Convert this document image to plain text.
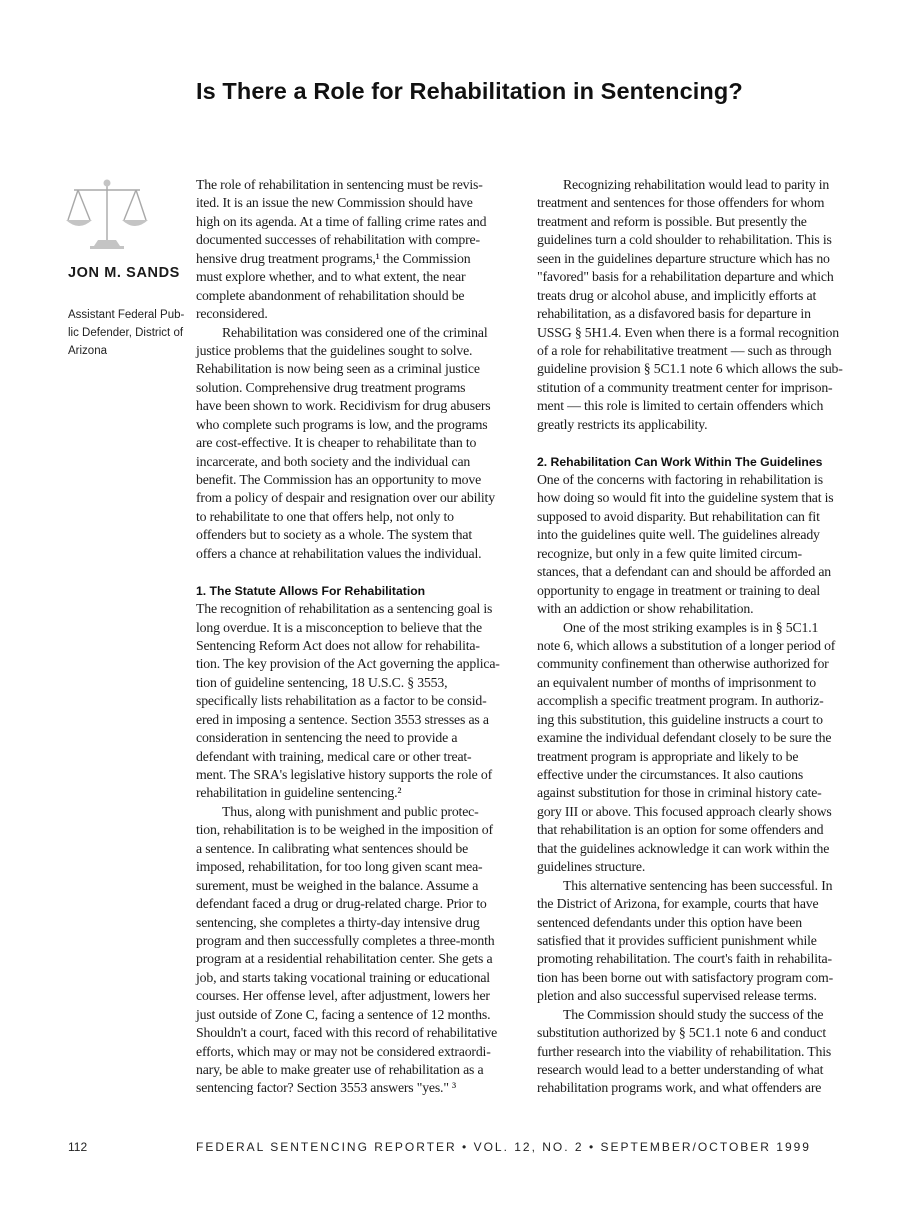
Is There a Role for Rehabilitation in Sentencing?
JON M. SANDS
Assistant Federal Pub-
lic Defender, District of
Arizona
The role of rehabilitation in sentencing must be revis-
ited. It is an issue the new Commission should have
high on its agenda. At a time of falling crime rates and
documented successes of rehabilitation with compre-
hensive drug treatment programs,¹ the Commission
must explore whether, and to what extent, the near
complete abandonment of rehabilitation should be
reconsidered.
Rehabilitation was considered one of the criminal
justice problems that the guidelines sought to solve.
Rehabilitation is now being seen as a criminal justice
solution. Comprehensive drug treatment programs
have been shown to work. Recidivism for drug abusers
who complete such programs is low, and the programs
are cost-effective. It is cheaper to rehabilitate than to
incarcerate, and both society and the individual can
benefit. The Commission has an opportunity to move
from a policy of despair and resignation over our ability
to rehabilitate to one that offers help, not only to
offenders but to society as a whole. The system that
offers a chance at rehabilitation values the individual.
1. The Statute Allows For Rehabilitation
The recognition of rehabilitation as a sentencing goal is
long overdue. It is a misconception to believe that the
Sentencing Reform Act does not allow for rehabilita-
tion. The key provision of the Act governing the applica-
tion of guideline sentencing, 18 U.S.C. § 3553,
specifically lists rehabilitation as a factor to be consid-
ered in imposing a sentence. Section 3553 stresses as a
consideration in sentencing the need to provide a
defendant with training, medical care or other treat-
ment. The SRA's legislative history supports the role of
rehabilitation in guideline sentencing.²
Thus, along with punishment and public protec-
tion, rehabilitation is to be weighed in the imposition of
a sentence. In calibrating what sentences should be
imposed, rehabilitation, for too long given scant mea-
surement, must be weighed in the balance. Assume a
defendant faced a drug or drug-related charge. Prior to
sentencing, she completes a thirty-day intensive drug
program and then successfully completes a three-month
program at a residential rehabilitation center. She gets a
job, and starts taking vocational training or educational
courses. Her offense level, after adjustment, lowers her
just outside of Zone C, facing a sentence of 12 months.
Shouldn't a court, faced with this record of rehabilitative
efforts, which may or may not be considered extraordi-
nary, be able to make greater use of rehabilitation as a
sentencing factor? Section 3553 answers "yes." ³
Recognizing rehabilitation would lead to parity in
treatment and sentences for those offenders for whom
treatment and reform is possible. But presently the
guidelines turn a cold shoulder to rehabilitation. This is
seen in the guidelines departure structure which has no
"favored" basis for a rehabilitation departure and which
treats drug or alcohol abuse, and implicitly efforts at
rehabilitation, as a disfavored basis for departure in
USSG § 5H1.4. Even when there is a formal recognition
of a role for rehabilitative treatment — such as through
guideline provision § 5C1.1 note 6 which allows the sub-
stitution of a community treatment center for imprison-
ment — this role is limited to certain offenders which
greatly restricts its applicability.
2. Rehabilitation Can Work Within The Guidelines
One of the concerns with factoring in rehabilitation is
how doing so would fit into the guideline system that is
supposed to avoid disparity. But rehabilitation can fit
into the guidelines quite well. The guidelines already
recognize, but only in a few quite limited circum-
stances, that a defendant can and should be afforded an
opportunity to engage in treatment or training to deal
with an addiction or show rehabilitation.
One of the most striking examples is in § 5C1.1
note 6, which allows a substitution of a longer period of
community confinement than otherwise authorized for
an equivalent number of months of imprisonment to
accomplish a specific treatment program. In authoriz-
ing this substitution, this guideline instructs a court to
examine the individual defendant closely to be sure the
treatment program is appropriate and likely to be
effective under the circumstances. It also cautions
against substitution for those in criminal history cate-
gory III or above. This focused approach clearly shows
that rehabilitation is an option for some offenders and
that the guidelines acknowledge it can work within the
guidelines structure.
This alternative sentencing has been successful. In
the District of Arizona, for example, courts that have
sentenced defendants under this option have been
satisfied that it provides sufficient punishment while
promoting rehabilitation. The court's faith in rehabilita-
tion has been borne out with satisfactory program com-
pletion and also successful supervised release terms.
The Commission should study the success of the
substitution authorized by § 5C1.1 note 6 and conduct
further research into the viability of rehabilitation. This
research would lead to a better understanding of what
rehabilitation programs work, and what offenders are
112	FEDERAL SENTENCING REPORTER • VOL. 12, NO. 2 • SEPTEMBER/OCTOBER 1999
